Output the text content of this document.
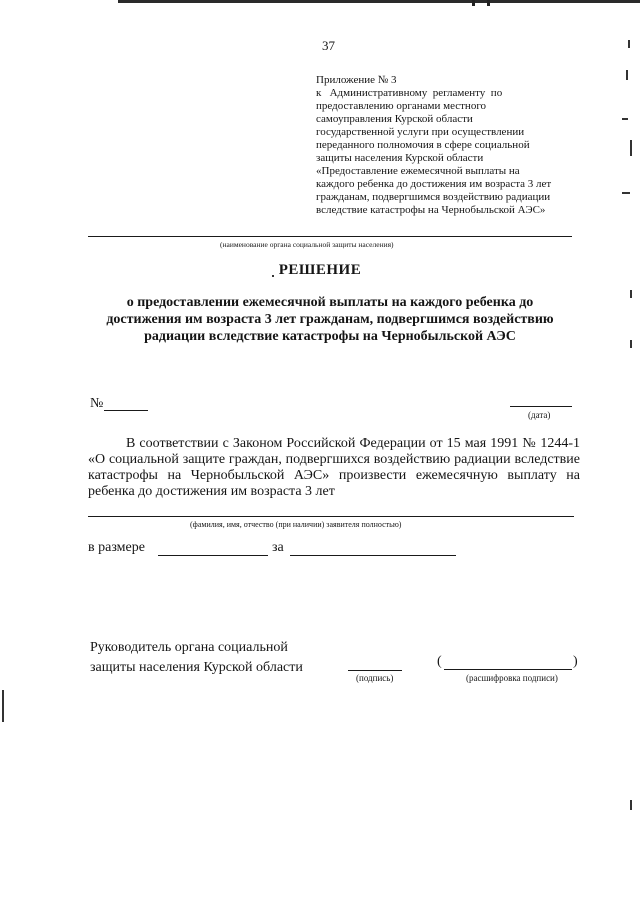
37
Приложение № 3
к   Административному  регламенту  по
предоставлению органами местного
самоуправления Курской области
государственной услуги при осуществлении
переданного полномочия в сфере социальной
защиты населения Курской области
«Предоставление ежемесячной выплаты на
каждого ребенка до достижения им возраста 3 лет
гражданам, подвергшимся воздействию радиации
вследствие катастрофы на Чернобыльской АЭС»
(наименование органа социальной защиты населения)
РЕШЕНИЕ
о предоставлении ежемесячной выплаты на каждого ребенка до
достижения им возраста 3 лет гражданам, подвергшимся воздействию
радиации вследствие катастрофы на Чернобыльской АЭС
№
(дата)

В соответствии с Законом Российской Федерации от 15 мая 1991 № 1244-1 «О социальной защите граждан, подвергшихся воздействию радиации вследствие катастрофы на Чернобыльской АЭС» произвести ежемесячную выплату на ребенка до достижения им возраста 3 лет

(фамилия, имя, отчество (при наличии) заявителя полностью)
в размере	за
Руководитель органа социальной
защиты населения Курской области
(подпись)
(	)
(расшифровка подписи)
